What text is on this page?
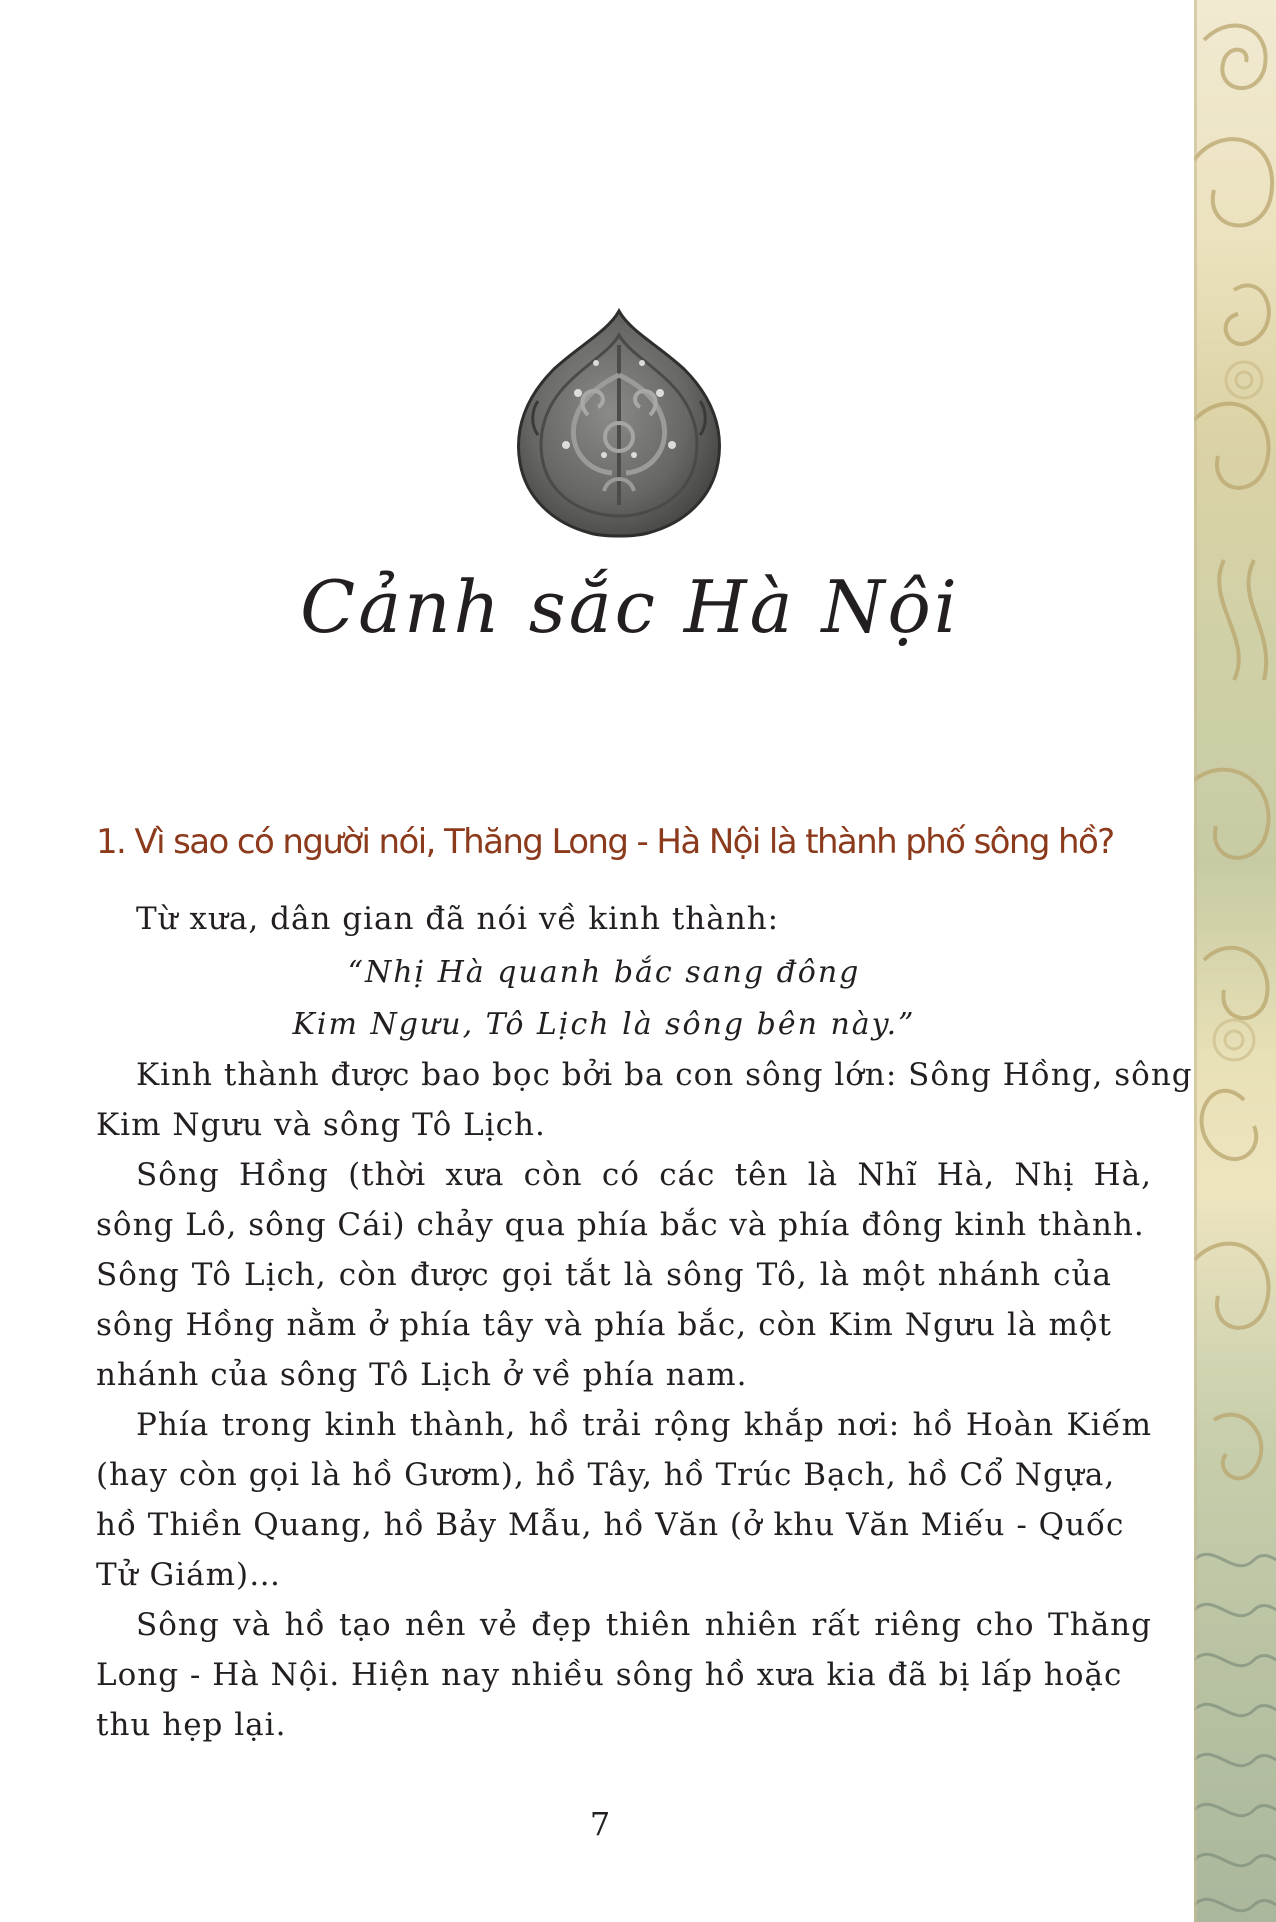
Cảnh sắc Hà Nội
1. Vì sao có người nói, Thăng Long - Hà Nội là thành phố sông hồ?

Từ xưa, dân gian đã nói về kinh thành:

“Nhị Hà quanh bắc sang đông

Kim Ngưu, Tô Lịch là sông bên này.”

Kinh thành được bao bọc bởi ba con sông lớn: Sông Hồng, sông

Kim Ngưu và sông Tô Lịch.

Sông Hồng (thời xưa còn có các tên là Nhĩ Hà, Nhị Hà,

sông Lô, sông Cái) chảy qua phía bắc và phía đông kinh thành.

Sông Tô Lịch, còn được gọi tắt là sông Tô, là một nhánh của

sông Hồng nằm ở phía tây và phía bắc, còn Kim Ngưu là một

nhánh của sông Tô Lịch ở về phía nam.

Phía trong kinh thành, hồ trải rộng khắp nơi: hồ Hoàn Kiếm

(hay còn gọi là hồ Gươm), hồ Tây, hồ Trúc Bạch, hồ Cổ Ngựa,

hồ Thiền Quang, hồ Bảy Mẫu, hồ Văn (ở khu Văn Miếu - Quốc

Tử Giám)…

Sông và hồ tạo nên vẻ đẹp thiên nhiên rất riêng cho Thăng

Long - Hà Nội. Hiện nay nhiều sông hồ xưa kia đã bị lấp hoặc

thu hẹp lại.

7
